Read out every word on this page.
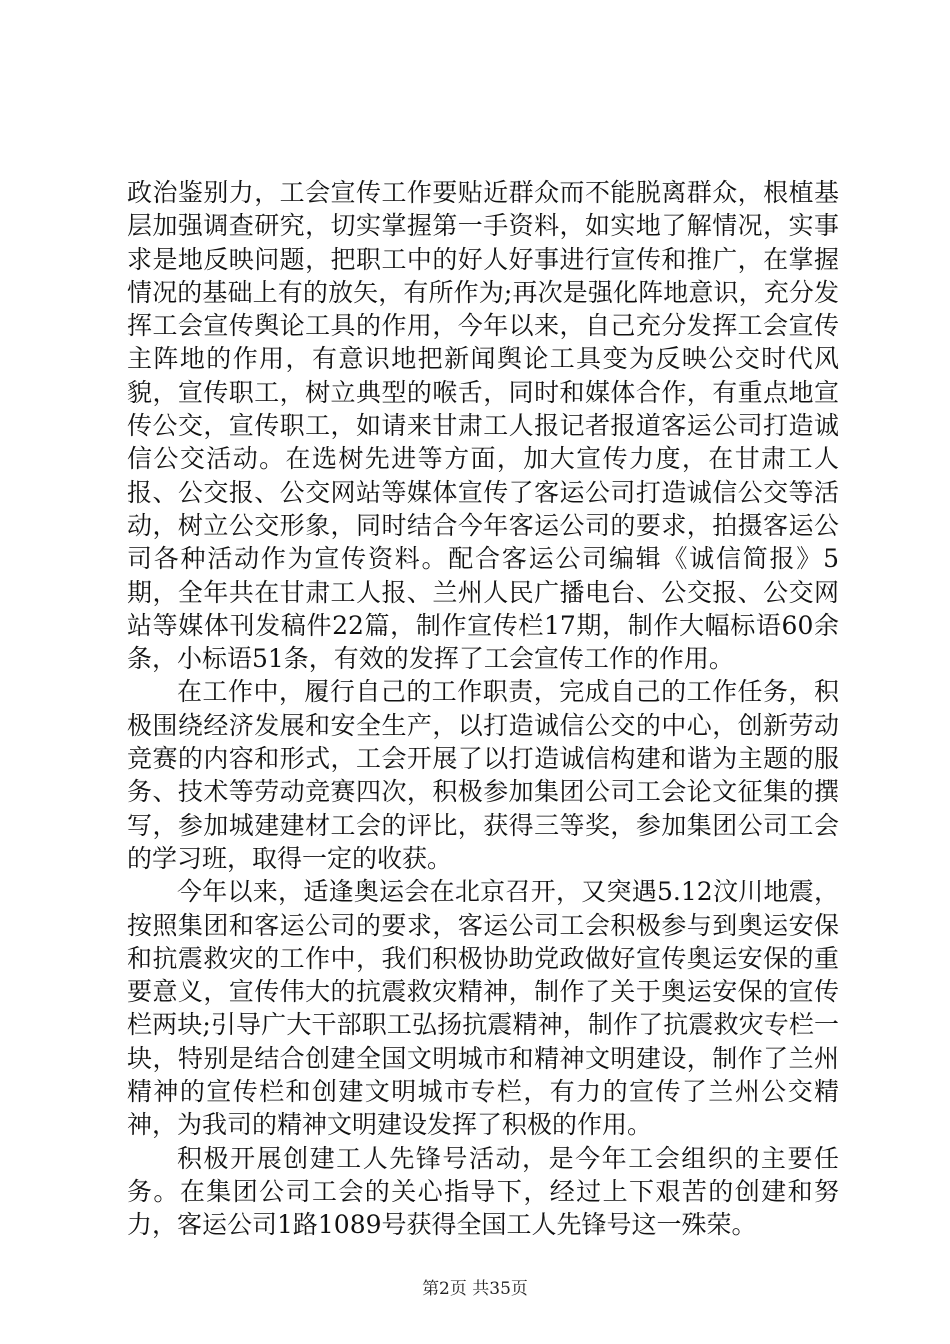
政治鉴别力，工会宣传工作要贴近群众而不能脱离群众，根植基层加强调查研究，切实掌握第一手资料，如实地了解情况，实事求是地反映问题，把职工中的好人好事进行宣传和推广，在掌握情况的基础上有的放矢，有所作为;再次是强化阵地意识，充分发挥工会宣传舆论工具的作用，今年以来，自己充分发挥工会宣传主阵地的作用，有意识地把新闻舆论工具变为反映公交时代风貌，宣传职工，树立典型的喉舌，同时和媒体合作，有重点地宣传公交，宣传职工，如请来甘肃工人报记者报道客运公司打造诚信公交活动。在选树先进等方面，加大宣传力度，在甘肃工人报、公交报、公交网站等媒体宣传了客运公司打造诚信公交等活动，树立公交形象，同时结合今年客运公司的要求，拍摄客运公司各种活动作为宣传资料。配合客运公司编辑《诚信简报》5期，全年共在甘肃工人报、兰州人民广播电台、公交报、公交网站等媒体刊发稿件22篇，制作宣传栏17期，制作大幅标语60余条，小标语51条，有效的发挥了工会宣传工作的作用。

在工作中，履行自己的工作职责，完成自己的工作任务，积极围绕经济发展和安全生产，以打造诚信公交的中心，创新劳动竞赛的内容和形式，工会开展了以打造诚信构建和谐为主题的服务、技术等劳动竞赛四次，积极参加集团公司工会论文征集的撰写，参加城建建材工会的评比，获得三等奖，参加集团公司工会的学习班，取得一定的收获。

今年以来，适逢奥运会在北京召开，又突遇5.12汶川地震，按照集团和客运公司的要求，客运公司工会积极参与到奥运安保和抗震救灾的工作中，我们积极协助党政做好宣传奥运安保的重要意义，宣传伟大的抗震救灾精神，制作了关于奥运安保的宣传栏两块;引导广大干部职工弘扬抗震精神，制作了抗震救灾专栏一块，特别是结合创建全国文明城市和精神文明建设，制作了兰州精神的宣传栏和创建文明城市专栏，有力的宣传了兰州公交精神，为我司的精神文明建设发挥了积极的作用。

积极开展创建工人先锋号活动，是今年工会组织的主要任务。在集团公司工会的关心指导下，经过上下艰苦的创建和努力，客运公司1路1089号获得全国工人先锋号这一殊荣。

第2页 共35页
